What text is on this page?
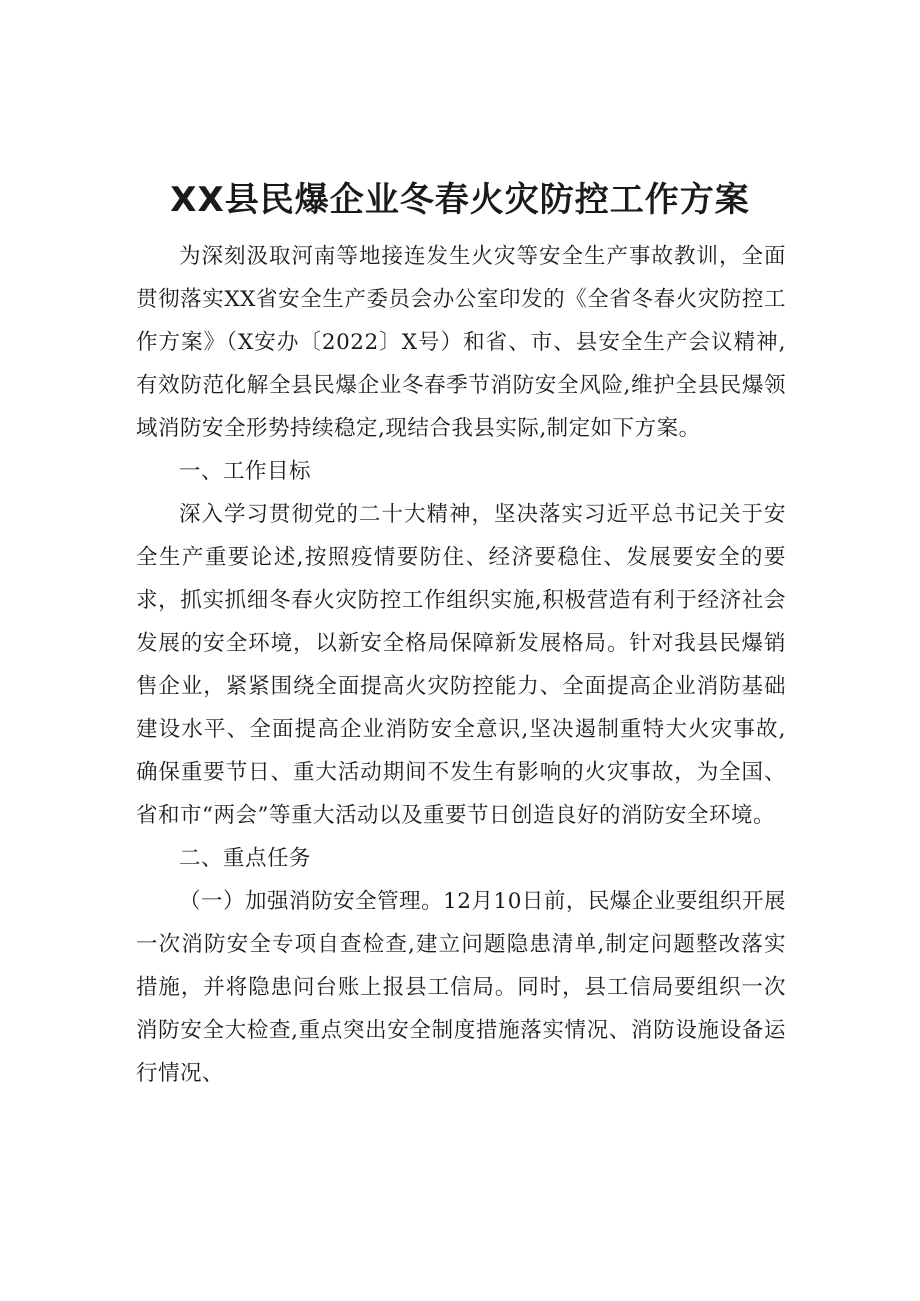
XX县民爆企业冬春火灾防控工作方案

为深刻汲取河南等地接连发生火灾等安全生产事故教训，全面贯彻落实XX省安全生产委员会办公室印发的《全省冬春火灾防控工作方案》（X安办〔2022〕X号）和省、市、县安全生产会议精神,有效防范化解全县民爆企业冬春季节消防安全风险,维护全县民爆领域消防安全形势持续稳定,现结合我县实际,制定如下方案。

一、工作目标

深入学习贯彻党的二十大精神，坚决落实习近平总书记关于安全生产重要论述,按照疫情要防住、经济要稳住、发展要安全的要求，抓实抓细冬春火灾防控工作组织实施,积极营造有利于经济社会发展的安全环境，以新安全格局保障新发展格局。针对我县民爆销售企业，紧紧围绕全面提高火灾防控能力、全面提高企业消防基础建设水平、全面提高企业消防安全意识,坚决遏制重特大火灾事故,确保重要节日、重大活动期间不发生有影响的火灾事故，为全国、省和市“两会”等重大活动以及重要节日创造良好的消防安全环境。

二、重点任务

（一）加强消防安全管理。12月10日前，民爆企业要组织开展一次消防安全专项自查检查,建立问题隐患清单,制定问题整改落实措施，并将隐患问台账上报县工信局。同时，县工信局要组织一次消防安全大检查,重点突出安全制度措施落实情况、消防设施设备运行情况、
